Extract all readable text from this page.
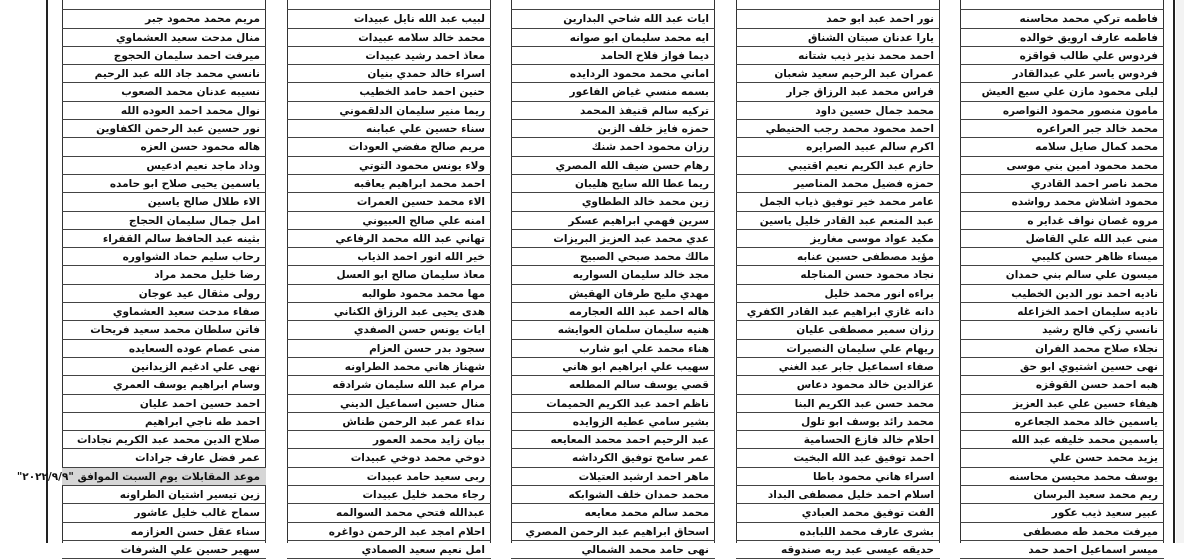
فاطمه تركي محمد محاسنه
فاطمه عارف ارويق خوالده
فردوس علي طالب قواقزه
فردوس ياسر علي عبدالقادر
ليلى محمود مازن علي سيع العيش
مامون منصور محمود النواصره
محمد خالد جبر العراعره
محمد كمال صايل سلامه
محمد محمود امين بني موسى
محمد ناصر احمد القادري
محمود اشلاش محمد رواشده
مروه غصان نواف غداير ه
منى عبد الله علي القاضل
ميساء ظاهر حسن كليبي
ميسون علي سالم بني حمدان
ناديه احمد نور الدين الخطيب
ناديه سليمان احمد الخزاعله
نانسي زكي فالح رشيد
نجلاء صلاح محمد الفران
نهى حسين اشتيوي ابو حق
هبه احمد حسن القوقزه
هيفاء حسين علي عبد العزيز
ياسمين خالد محمد الجعاعره
ياسمين محمد خليفه عبد الله
يزيد محمد حسن علي
يوسف محمد محيسن محاسنه
ريم محمد سعيد البرسان
عبير سعيد ذيب عكور
ميرفت محمد طه مصطفى
ميسر اسماعيل احمد حمد
نور احمد عبد ابو حمد
يارا عدنان صبتان الشناق
احمد محمد نذير ذيب شتانه
عمران عبد الرحيم سعيد شعبان
فراس محمد عبد الرزاق جرار
محمد جمال حسين داود
احمد محمود محمد رجب الحنيطي
اكرم سالم عبيد الصرايره
حازم عبد الكريم نعيم اقتيبي
حمزه فضيل محمد المناصير
عامر محمد خير توفيق ذياب الجمل
عبد المنعم عبد القادر خليل ياسين
مكيد عواد موسى مغاريز
مؤيد مصطفى حسين عنابه
نجاد محمود حسن المناجله
براءه انور محمد خليل
دانه غازي ابراهيم عبد القادر الكفري
رزان سمير مصطفى عليان
ريهام علي سليمان النصيرات
صفاء اسماعيل جابر عبد الغني
عزالدين خالد محمود دعاس
محمد حسن عبد الكريم البنا
محمد رائد يوسف ابو تلول
احلام خالد فازع الحسامية
احمد توفيق عبد الله البخيت
اسراء هاني محمود باطا
اسلام احمد خليل مصطفى البداد
الفت توفيق محمد العبادي
بشرى عارف محمد اللبابده
حديقه عيسى عبد ربه صندوقه
ايات عبد الله شاحي البدارين
ايه محمد سليمان ابو صوانه
ديما فواز فلاح الحامد
اماني محمد محمود الردايده
بسمه منسي غياض الفاعور
تركيه سالم قنيفذ المحمد
حمزه فايز خلف الزبن
رزان محمود احمد شنك
رهام حسن ضيف الله المصري
ريما عطا الله سايح هليبان
زين محمد خالد الططاوي
سرين فهمي ابراهيم عسكر
عدي محمد عبد العزيز البريزات
مالك محمد صبحي الصبيح
مجد خالد سليمان السواريه
مهدي مليح طرفان الهقيش
هاله احمد عبد الله العجارمه
هنيه سليمان سلمان العوايشه
هناء محمد علي ابو شارب
سهيب علي ابراهيم ابو هاني
قصي يوسف سالم المطلعه
ناظم احمد عبد الكريم الحميمات
بشير سامي عطيه الزوايده
عبد الرحيم احمد محمد المعايعه
عمر سامح توفيق الكرداشه
ماهر احمد ارشيد العتيلات
محمد حمدان خلف الشوابكه
محمد سالم محمد معايعه
اسحاق ابراهيم عبد الرحمن المصري
نهى حامد محمد الشمالي
لبيب عبد الله نايل عبيدات
محمد خالد سلامه عبيدات
معاذ احمد رشيد عبيدات
اسراء خالد حمدي بنيان
حنين احمد حامد الخطيب
ريما منير سليمان الدلقموني
سناء حسين علي عبابنه
مريم صالح مفضي العودات
ولاء يونس محمود التوتي
احمد محمد ابراهيم يعاقبه
الاء محمد حسين العمرات
امنه علي صالح العبيوني
تهاني عبد الله محمد الرفاعي
خير الله انور احمد الذياب
معاذ سليمان صالح ابو العسل
مها محمد محمود طوالبه
هدى يحيى عبد الرزاق الكناني
ايات يونس حسن الصفدي
سجود بدر حسن العزام
شهناز هاني محمد الطراونه
مرام عبد الله سليمان شرادقه
منال حسين اسماعيل الديني
نداء عمر عبد الرحمن طناش
بيان زايد محمد العمور
دوخي محمد دوخي عبيدات
ربى سعيد حامد عبيدات
رجاء محمد خليل عبيدات
عبدالله فتحي محمد السوالمه
احلام امجد عبد الرحمن دواغره
امل نعيم سعيد الصمادي
مريم محمد محمود جبر
منال مدحت سعيد العشماوي
ميرفت احمد سليمان الحجوج
نانسي محمد جاد الله عبد الرحيم
نسيبه عدنان محمد الصعوب
نوال محمد احمد العوده الله
نور حسين عبد الرحمن الكفاوين
هاله محمود حسن العزه
وداد ماجد نعيم ادعيس
ياسمين يحيى صلاح ابو حامده
الاء طلال صالح ياسين
امل جمال سليمان الحجاج
بثينه عبد الحافظ سالم القفراء
رحاب سليم حماد الشواوره
رضا خليل محمد مراد
رولى مثقال عيد عوجان
صفاء مدحت سعيد العشماوي
فاتن سلطان محمد سعيد فريحات
منى عصام عوده السعايده
نهى علي ادغيم الزيدانين
وسام ابراهيم يوسف العمري
احمد حسين احمد عليان
احمد طه ناجي ابراهيم
صلاح الدين محمد عبد الكريم نجادات
عمر فضل عارف جرادات
موعد المقابلات يوم السبت الموافق "٢٠٢٢/٩/٩"
زين تيسير اشتيان الطراونه
سماح غالب خليل عاشور
سناء عقل حسن العزازمه
سهير حسين علي الشرفات
